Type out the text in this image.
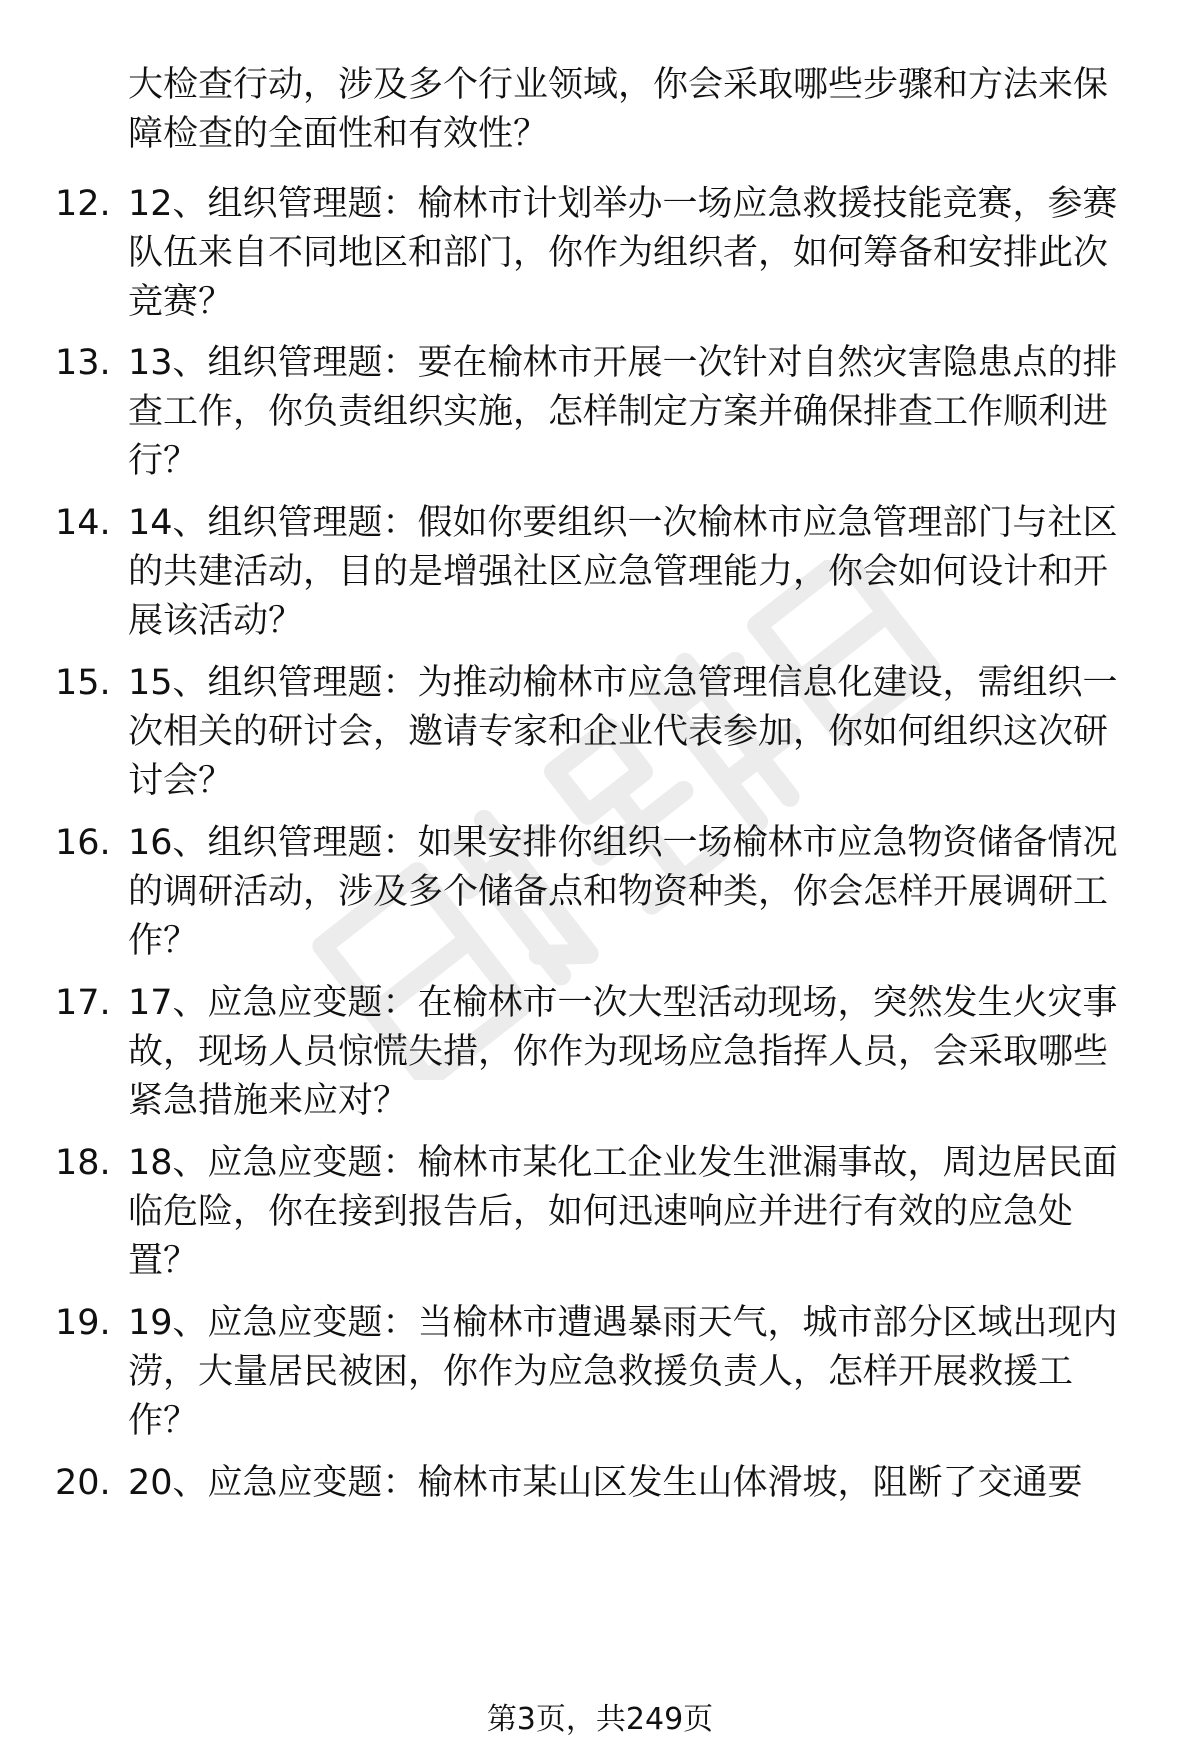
大检查行动，涉及多个行业领域，你会采取哪些步骤和方法来保
障检查的全面性和有效性？

12. 12、组织管理题：榆林市计划举办一场应急救援技能竞赛，参赛
队伍来自不同地区和部门，你作为组织者，如何筹备和安排此次
竞赛？

13. 13、组织管理题：要在榆林市开展一次针对自然灾害隐患点的排
查工作，你负责组织实施，怎样制定方案并确保排查工作顺利进
行？

14. 14、组织管理题：假如你要组织一次榆林市应急管理部门与社区
的共建活动，目的是增强社区应急管理能力，你会如何设计和开
展该活动？

15. 15、组织管理题：为推动榆林市应急管理信息化建设，需组织一
次相关的研讨会，邀请专家和企业代表参加，你如何组织这次研
讨会？

16. 16、组织管理题：如果安排你组织一场榆林市应急物资储备情况
的调研活动，涉及多个储备点和物资种类，你会怎样开展调研工
作？

17. 17、应急应变题：在榆林市一次大型活动现场，突然发生火灾事
故，现场人员惊慌失措，你作为现场应急指挥人员，会采取哪些
紧急措施来应对？

18. 18、应急应变题：榆林市某化工企业发生泄漏事故，周边居民面
临危险，你在接到报告后，如何迅速响应并进行有效的应急处
置？

19. 19、应急应变题：当榆林市遭遇暴雨天气，城市部分区域出现内
涝，大量居民被困，你作为应急救援负责人，怎样开展救援工
作？

20. 20、应急应变题：榆林市某山区发生山体滑坡，阻断了交通要

第3页，共249页
